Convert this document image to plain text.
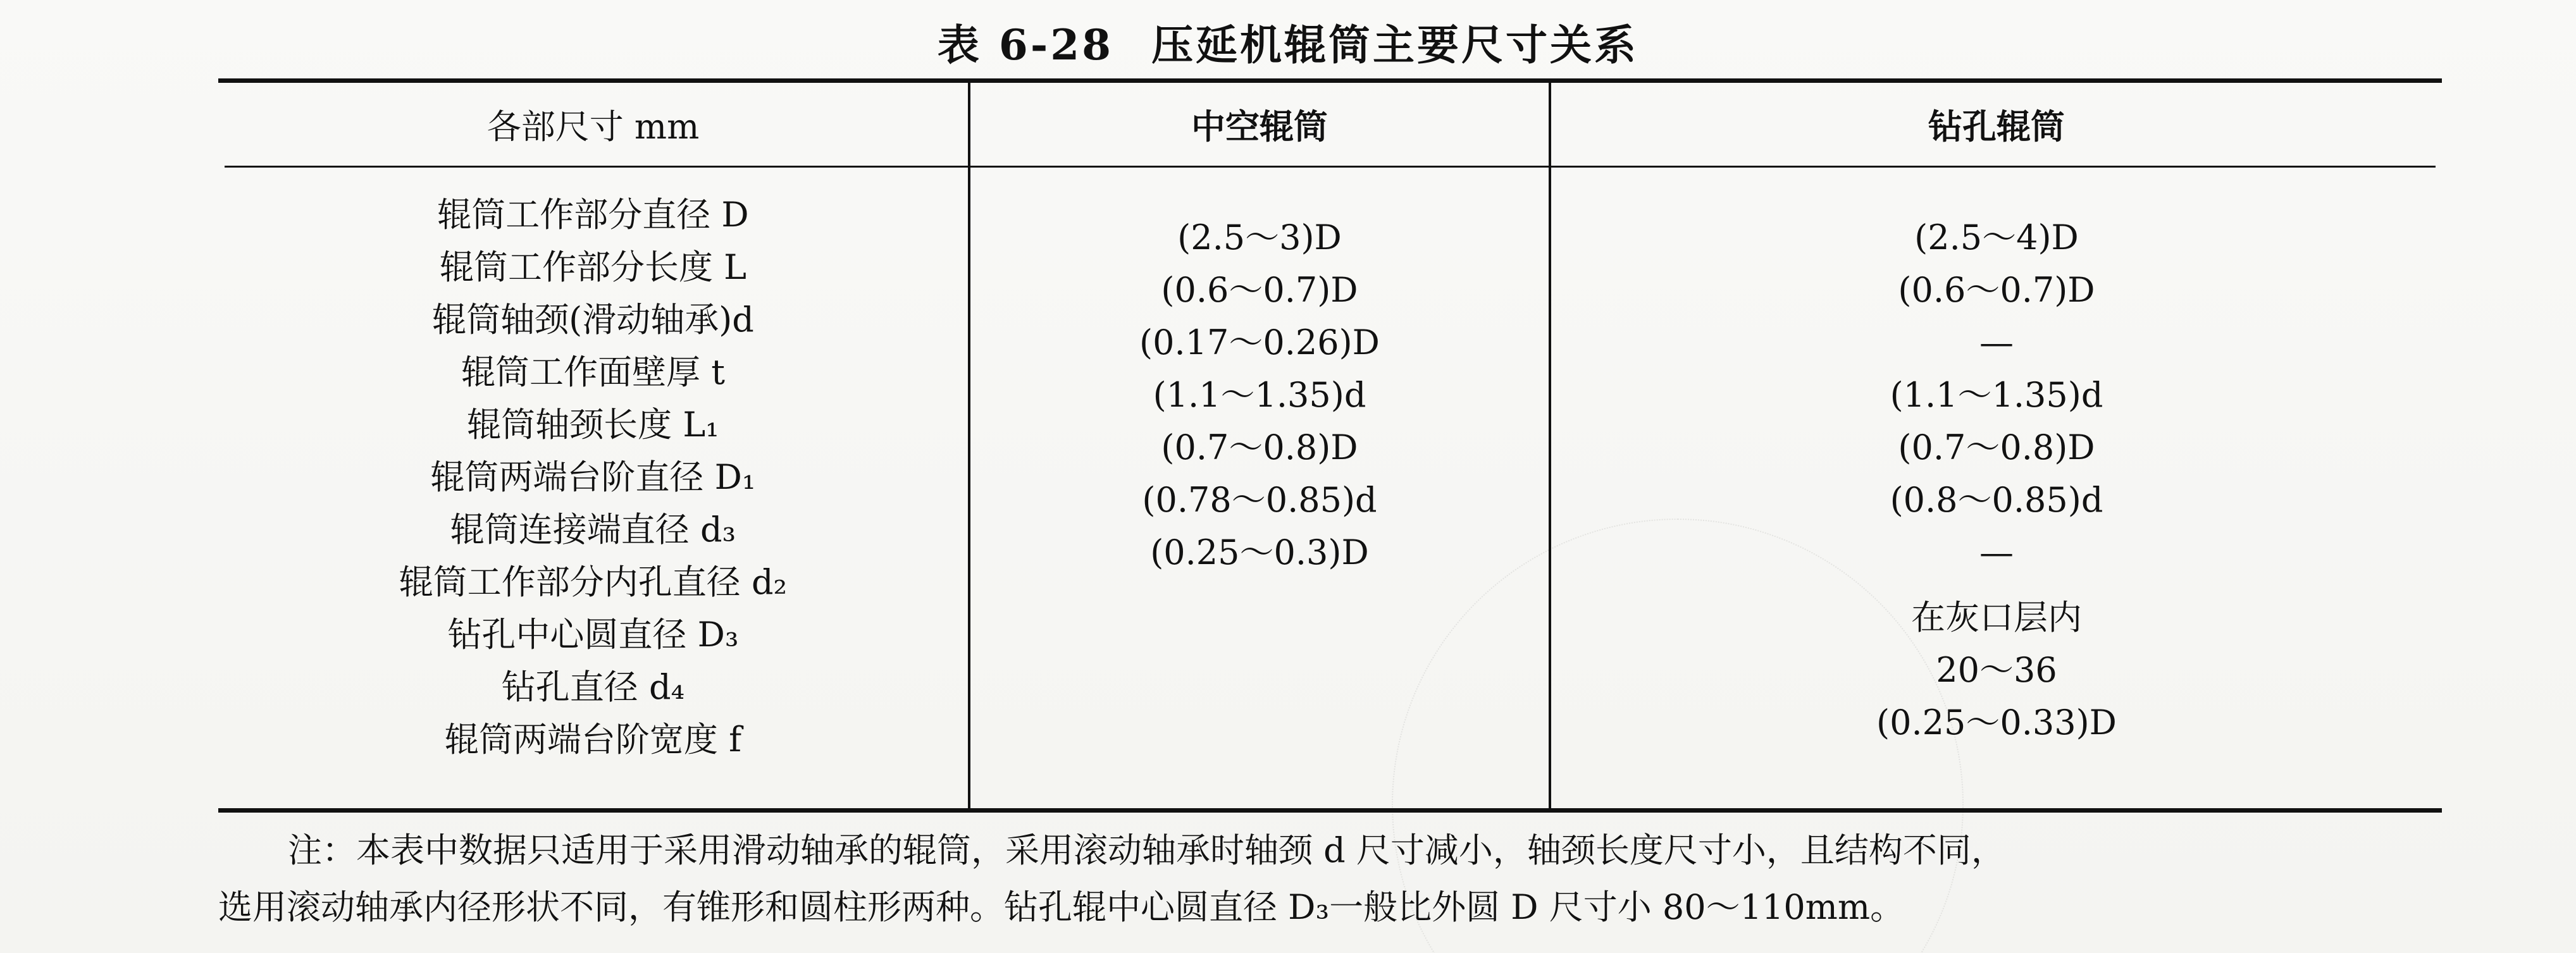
表 6-28 压延机辊筒主要尺寸关系
各部尺寸 mm	中空辊筒	钻孔辊筒
辊筒工作部分直径 D
辊筒工作部分长度 L
辊筒轴颈(滑动轴承)d
辊筒工作面壁厚 t
辊筒轴颈长度 L₁
辊筒两端台阶直径 D₁
辊筒连接端直径 d₃
辊筒工作部分内孔直径 d₂
钻孔中心圆直径 D₃
钻孔直径 d₄
辊筒两端台阶宽度 f
(2.5～3)D
(0.6～0.7)D
(0.17～0.26)D
(1.1～1.35)d
(0.7～0.8)D
(0.78～0.85)d
(0.25～0.3)D
(2.5～4)D
(0.6～0.7)D
—
(1.1～1.35)d
(0.7～0.8)D
(0.8～0.85)d
—
在灰口层内
20～36
(0.25～0.33)D
注：本表中数据只适用于采用滑动轴承的辊筒，采用滚动轴承时轴颈 d 尺寸减小，轴颈长度尺寸小，且结构不同，
选用滚动轴承内径形状不同，有锥形和圆柱形两种。钻孔辊中心圆直径 D₃一般比外圆 D 尺寸小 80～110mm。
